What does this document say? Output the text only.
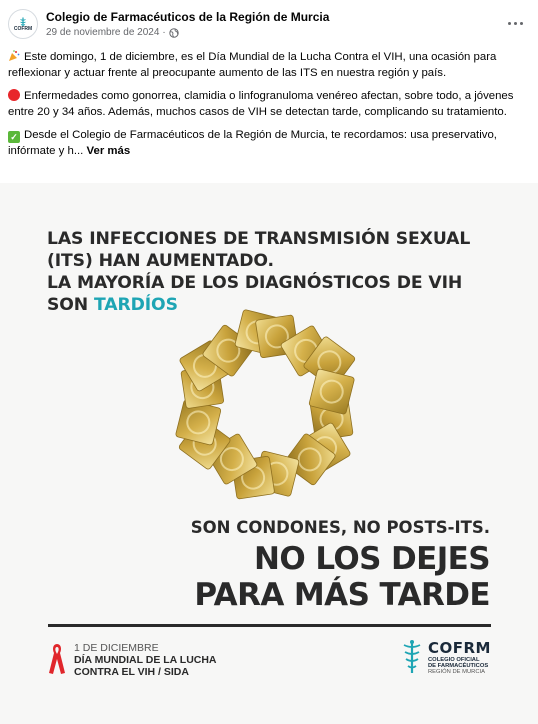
COFRM
Colegio de Farmacéuticos de la Región de Murcia
29 de noviembre de 2024 ·

Este domingo, 1 de diciembre, es el Día Mundial de la Lucha Contra el VIH, una ocasión para reflexionar y actuar frente al preocupante aumento de las ITS en nuestra región y país.

Enfermedades como gonorrea, clamidia o linfogranuloma venéreo afectan, sobre todo, a jóvenes entre 20 y 34 años. Además, muchos casos de VIH se detectan tarde, complicando su tratamiento.

✓ Desde el Colegio de Farmacéuticos de la Región de Murcia, te recordamos: usa preservativo, infórmate y h... Ver más

LAS INFECCIONES DE TRANSMISIÓN SEXUAL
(ITS) HAN AUMENTADO.
LA MAYORÍA DE LOS DIAGNÓSTICOS DE VIH
SON TARDÍOS
SON CONDONES, NO POSTS-ITS.
NO LOS DEJES
PARA MÁS TARDE
1 DE DICIEMBRE
DÍA MUNDIAL DE LA LUCHA
CONTRA EL VIH / SIDA
COFRM
COLEGIO OFICIAL
DE FARMACÉUTICOS
REGIÓN DE MURCIA
